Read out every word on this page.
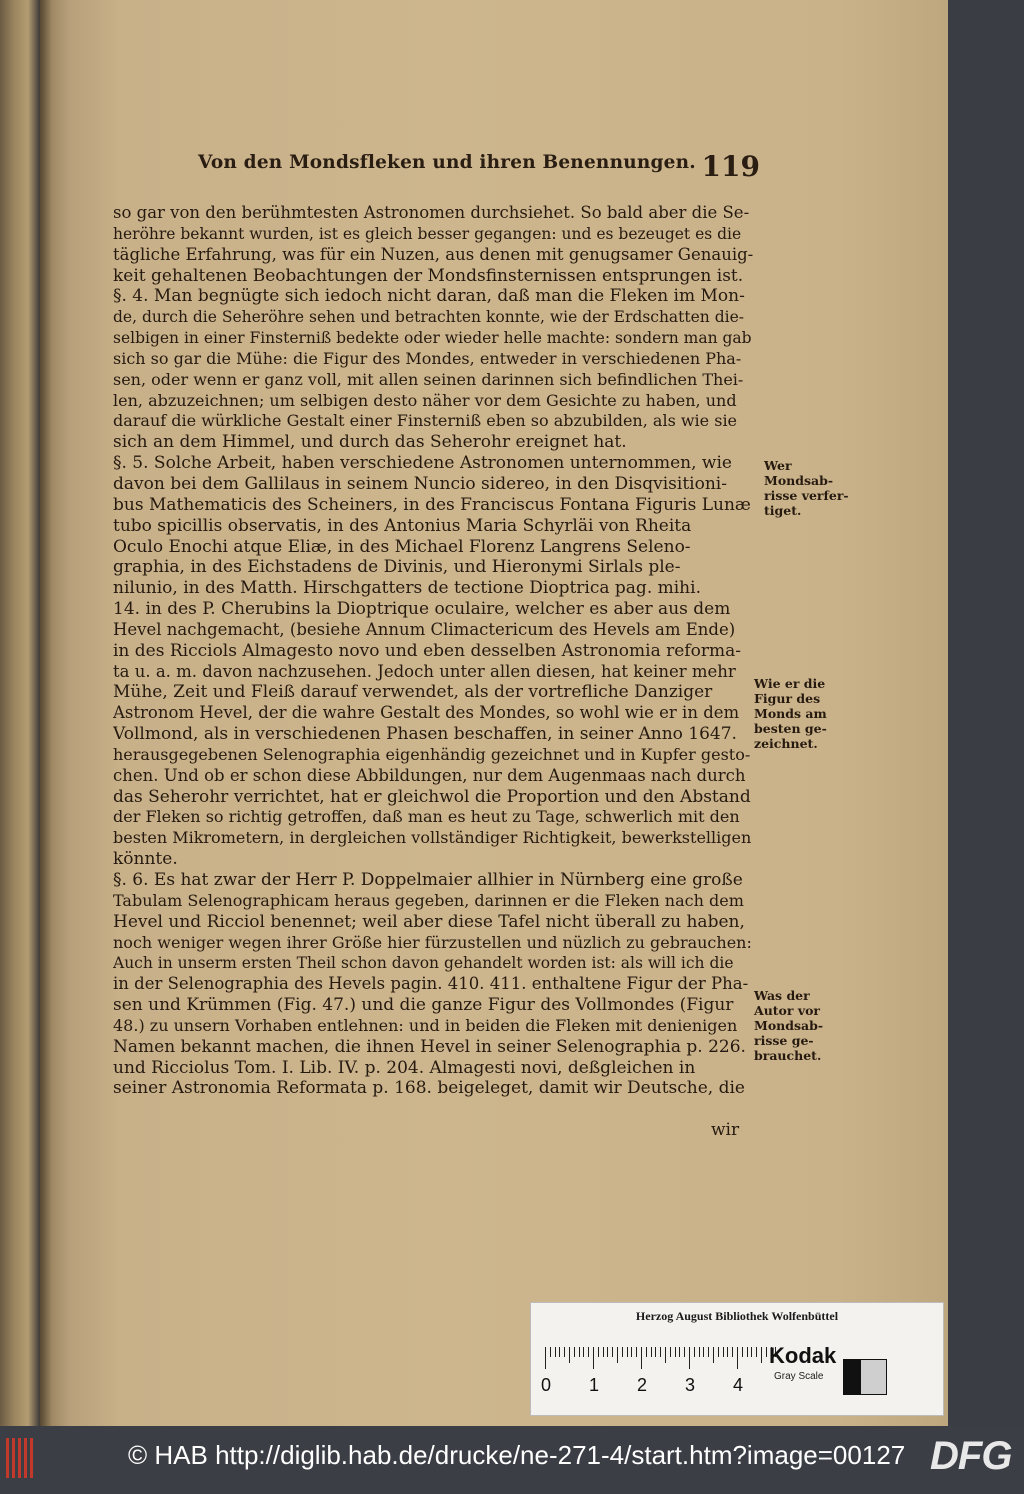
Von den Mondsfleken und ihren Benennungen. 119
so gar von den berühmtesten Astronomen durchsiehet. So bald aber die Se-
heröhre bekannt wurden, ist es gleich besser gegangen: und es bezeuget es die
tägliche Erfahrung, was für ein Nuzen, aus denen mit genugsamer Genauig-
keit gehaltenen Beobachtungen der Mondsfinsternissen entsprungen ist.
§. 4. Man begnügte sich iedoch nicht daran, daß man die Fleken im Mon-
de, durch die Seheröhre sehen und betrachten konnte, wie der Erdschatten die-
selbigen in einer Finsterniß bedekte oder wieder helle machte: sondern man gab
sich so gar die Mühe: die Figur des Mondes, entweder in verschiedenen Pha-
sen, oder wenn er ganz voll, mit allen seinen darinnen sich befindlichen Thei-
len, abzuzeichnen; um selbigen desto näher vor dem Gesichte zu haben, und
darauf die würkliche Gestalt einer Finsterniß eben so abzubilden, als wie sie
sich an dem Himmel, und durch das Seherohr ereignet hat.
§. 5. Solche Arbeit, haben verschiedene Astronomen unternommen, wie
davon bei dem Gallilaus in seinem Nuncio sidereo, in den Disqvisitioni-
bus Mathematicis des Scheiners, in des Franciscus Fontana Figuris Lunæ
tubo spicillis observatis, in des Antonius Maria Schyrläi von Rheita
Oculo Enochi atque Eliæ, in des Michael Florenz Langrens Seleno-
graphia, in des Eichstadens de Divinis, und Hieronymi Sirlals ple-
nilunio, in des Matth. Hirschgatters de tectione Dioptrica pag. mihi.
14. in des P. Cherubins la Dioptrique oculaire, welcher es aber aus dem
Hevel nachgemacht, (besiehe Annum Climactericum des Hevels am Ende)
in des Ricciols Almagesto novo und eben desselben Astronomia reforma-
ta u. a. m. davon nachzusehen. Jedoch unter allen diesen, hat keiner mehr
Mühe, Zeit und Fleiß darauf verwendet, als der vortrefliche Danziger
Astronom Hevel, der die wahre Gestalt des Mondes, so wohl wie er in dem
Vollmond, als in verschiedenen Phasen beschaffen, in seiner Anno 1647.
herausgegebenen Selenographia eigenhändig gezeichnet und in Kupfer gesto-
chen. Und ob er schon diese Abbildungen, nur dem Augenmaas nach durch
das Seherohr verrichtet, hat er gleichwol die Proportion und den Abstand
der Fleken so richtig getroffen, daß man es heut zu Tage, schwerlich mit den
besten Mikrometern, in dergleichen vollständiger Richtigkeit, bewerkstelligen
könnte.
§. 6. Es hat zwar der Herr P. Doppelmaier allhier in Nürnberg eine große
Tabulam Selenographicam heraus gegeben, darinnen er die Fleken nach dem
Hevel und Ricciol benennet; weil aber diese Tafel nicht überall zu haben,
noch weniger wegen ihrer Größe hier fürzustellen und nüzlich zu gebrauchen:
Auch in unserm ersten Theil schon davon gehandelt worden ist: als will ich die
in der Selenographia des Hevels pagin. 410. 411. enthaltene Figur der Pha-
sen und Krümmen (Fig. 47.) und die ganze Figur des Vollmondes (Figur
48.) zu unsern Vorhaben entlehnen: und in beiden die Fleken mit denienigen
Namen bekannt machen, die ihnen Hevel in seiner Selenographia p. 226.
und Ricciolus Tom. I. Lib. IV. p. 204. Almagesti novi, deßgleichen in
seiner Astronomia Reformata p. 168. beigeleget, damit wir Deutsche, die
Wer
Mondsab-
risse verfer-
tiget.
Wie er die
Figur des
Monds am
besten ge-
zeichnet.
Was der
Autor vor
Mondsab-
risse ge-
brauchet.
wir
Herzog August Bibliothek Wolfenbüttel
0 1 2 3 4
Kodak
Gray Scale
© HAB http://diglib.hab.de/drucke/ne-271-4/start.htm?image=00127 DFG
